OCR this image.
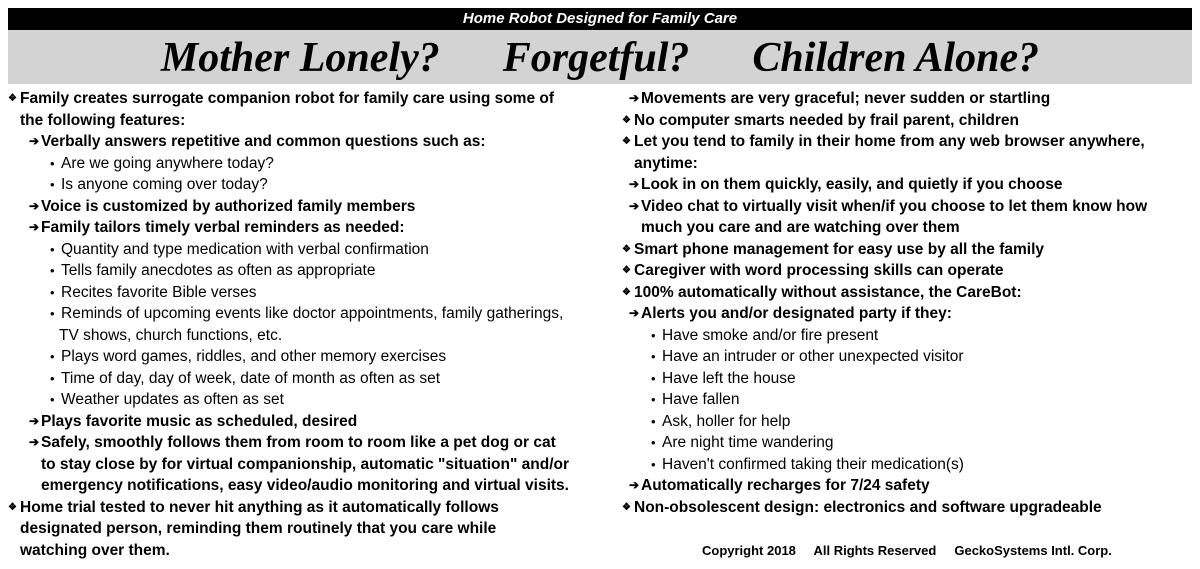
Home Robot Designed for Family Care
Mother Lonely?      Forgetful?      Children Alone?
❖ Family creates surrogate companion robot for family care using some of
the following features:
➔ Verbally answers repetitive and common questions such as:
• Are we going anywhere today?
• Is anyone coming over today?
➔ Voice is customized by authorized family members
➔ Family tailors timely verbal reminders as needed:
• Quantity and type medication with verbal confirmation
• Tells family anecdotes as often as appropriate
• Recites favorite Bible verses
• Reminds of upcoming events like doctor appointments, family gatherings,
TV shows, church functions, etc.
• Plays word games, riddles, and other memory exercises
• Time of day, day of week, date of month as often as set
• Weather updates as often as set
➔ Plays favorite music as scheduled, desired
➔ Safely, smoothly follows them from room to room like a pet dog or cat
to stay close by for virtual companionship, automatic "situation" and/or
emergency notifications, easy video/audio monitoring and virtual visits.
❖ Home trial tested to never hit anything as it automatically follows
designated person, reminding them routinely that you care while
watching over them.
➔ Movements are very graceful; never sudden or startling
❖ No computer smarts needed by frail parent, children
❖ Let you tend to family in their home from any web browser anywhere,
anytime:
➔ Look in on them quickly, easily, and quietly if you choose
➔ Video chat to virtually visit when/if you choose to let them know how
much you care and are watching over them
❖ Smart phone management for easy use by all the family
❖ Caregiver with word processing skills can operate
❖ 100% automatically without assistance, the CareBot:
➔ Alerts you and/or designated party if they:
• Have smoke and/or fire present
• Have an intruder or other unexpected visitor
• Have left the house
• Have fallen
• Ask, holler for help
• Are night time wandering
• Haven't confirmed taking their medication(s)
➔ Automatically recharges for 7/24 safety
❖ Non-obsolescent design: electronics and software upgradeable
Copyright 2018     All Rights Reserved     GeckoSystems Intl. Corp.
